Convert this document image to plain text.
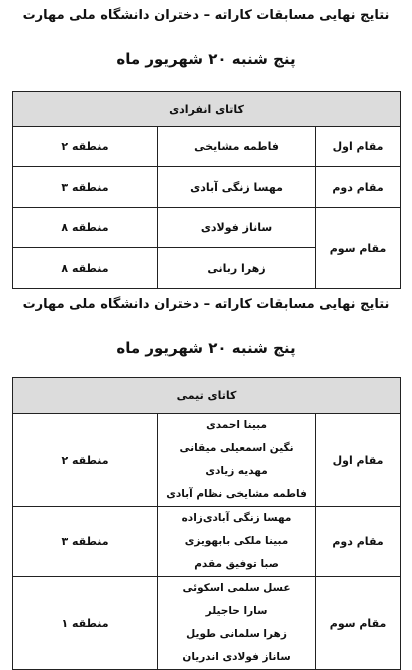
نتایج نهایی مسابقات کاراته – دختران دانشگاه ملی مهارت
پنج شنبه ۲۰ شهریور ماه
کاتای انفرادی		
مقام اول	فاطمه مشایخی	منطقه ۲
مقام دوم	مهسا زنگی آبادی	منطقه ۳
مقام سوم	ساناز فولادی	منطقه ۸
	زهرا ربانی	منطقه ۸
نتایج نهایی مسابقات کاراته – دختران دانشگاه ملی مهارت
پنج شنبه ۲۰ شهریور ماه
کاتای تیمی		
مقام اول	مبینا احمدی
نگین اسمعیلی میقانی
مهدیه زیادی
فاطمه مشایخی نظام آبادی	منطقه ۲
مقام دوم	مهسا زنگی آبادی‌زاده
مبینا ملکی بابهویزی
صبا توفیق مقدم	منطقه ۳
مقام سوم	عسل سلمی اسکوئی
سارا حاجیلر
زهرا سلمانی طویل
ساناز فولادی اندریان	منطقه ۱
